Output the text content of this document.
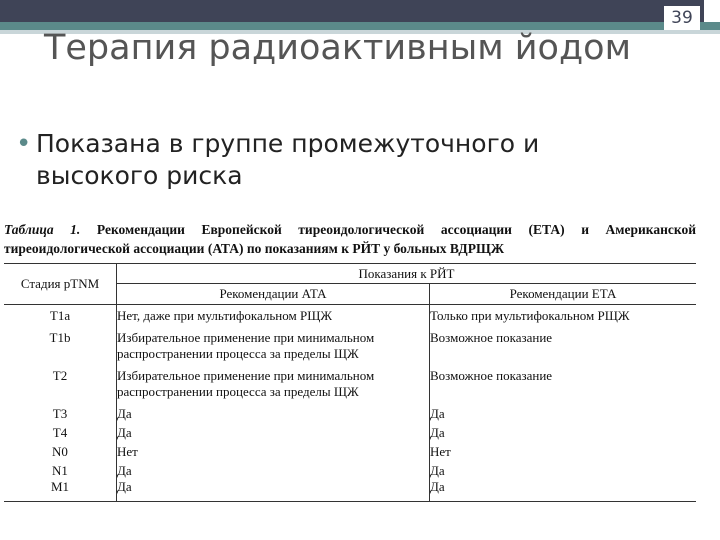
39
Терапия радиоактивным йодом
• Показана в группе промежуточного и высокого риска
Таблица 1. Рекомендации Европейской тиреоидологической ассоциации (ЕТА) и Американской тиреоидологической ассоциации (АТА) по показаниям к РЙТ у больных ВДРЩЖ
Стадия pTNM	Показания к РЙТ	
	Рекомендации АТА	Рекомендации ЕТА
T1a	Нет, даже при мультифокальном РЩЖ	Только при мультифокальном РЩЖ
T1b	Избирательное применение при минимальном распространении процесса за пределы ЩЖ	Возможное показание
T2	Избирательное применение при минимальном распространении процесса за пределы ЩЖ	Возможное показание
T3	Да	Да
T4	Да	Да
N0	Нет	Нет
N1	Да	Да
M1	Да	Да
